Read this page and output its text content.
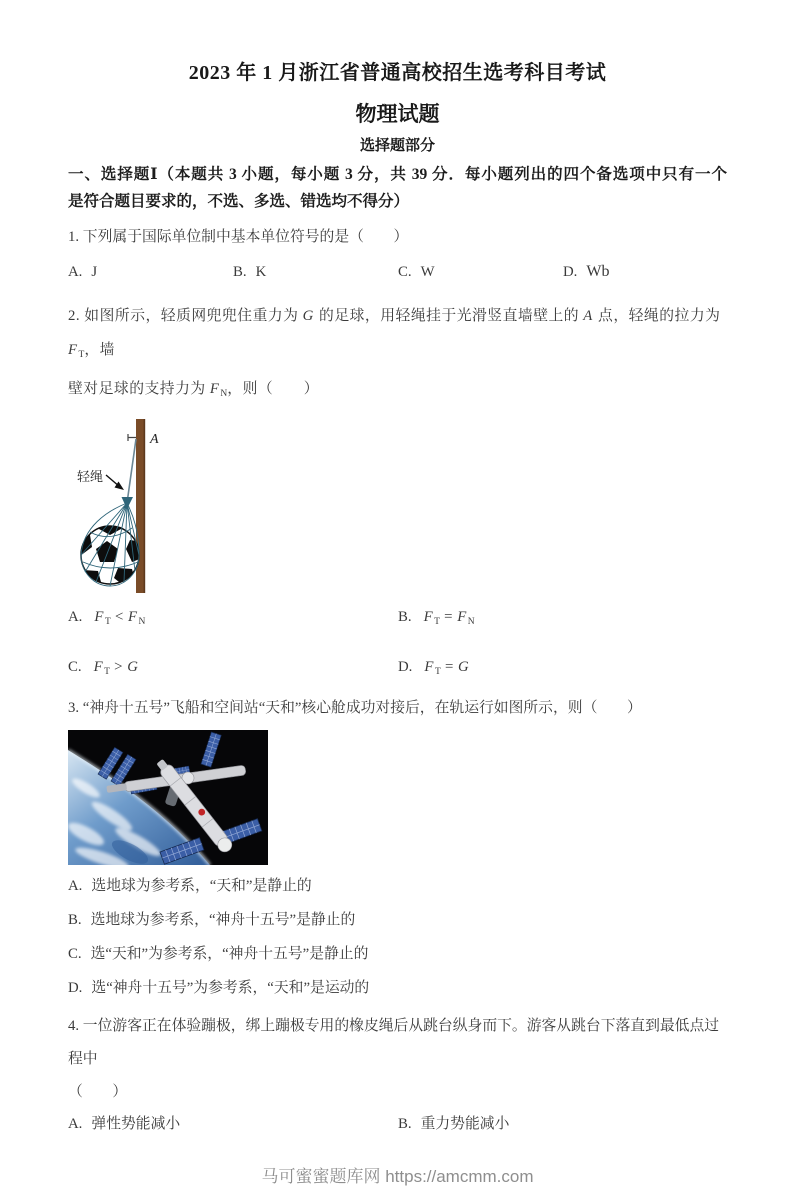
2023 年 1 月浙江省普通高校招生选考科目考试
物理试题
选择题部分
一、选择题Ⅰ（本题共 3 小题，每小题 3 分，共 39 分．每小题列出的四个备选项中只有一个
是符合题目要求的，不选、多选、错选均不得分）
1. 下列属于国际单位制中基本单位符号的是（　　）
A. J	B. K	C. W	D. Wb

2. 如图所示，轻质网兜兜住重力为 G 的足球，用轻绳挂于光滑竖直墙壁上的 A 点，轻绳的拉力为 $F_T$，墙

壁对足球的支持力为 $F_N$，则（　　）

A
轻绳
A. $F_T < F_N$	B. $F_T = F_N$
C. $F_T > G$	D. $F_T = G$
3. “神舟十五号”飞船和空间站“天和”核心舱成功对接后，在轨运行如图所示，则（　　）
A. 选地球为参考系，“天和”是静止的
B. 选地球为参考系，“神舟十五号”是静止的
C. 选“天和”为参考系，“神舟十五号”是静止的
D. 选“神舟十五号”为参考系，“天和”是运动的

4. 一位游客正在体验蹦极，绑上蹦极专用的橡皮绳后从跳台纵身而下。游客从跳台下落直到最低点过程中

（　　）

A. 弹性势能减小	B. 重力势能减小
马可蜜蜜题库网 https://amcmm.com
